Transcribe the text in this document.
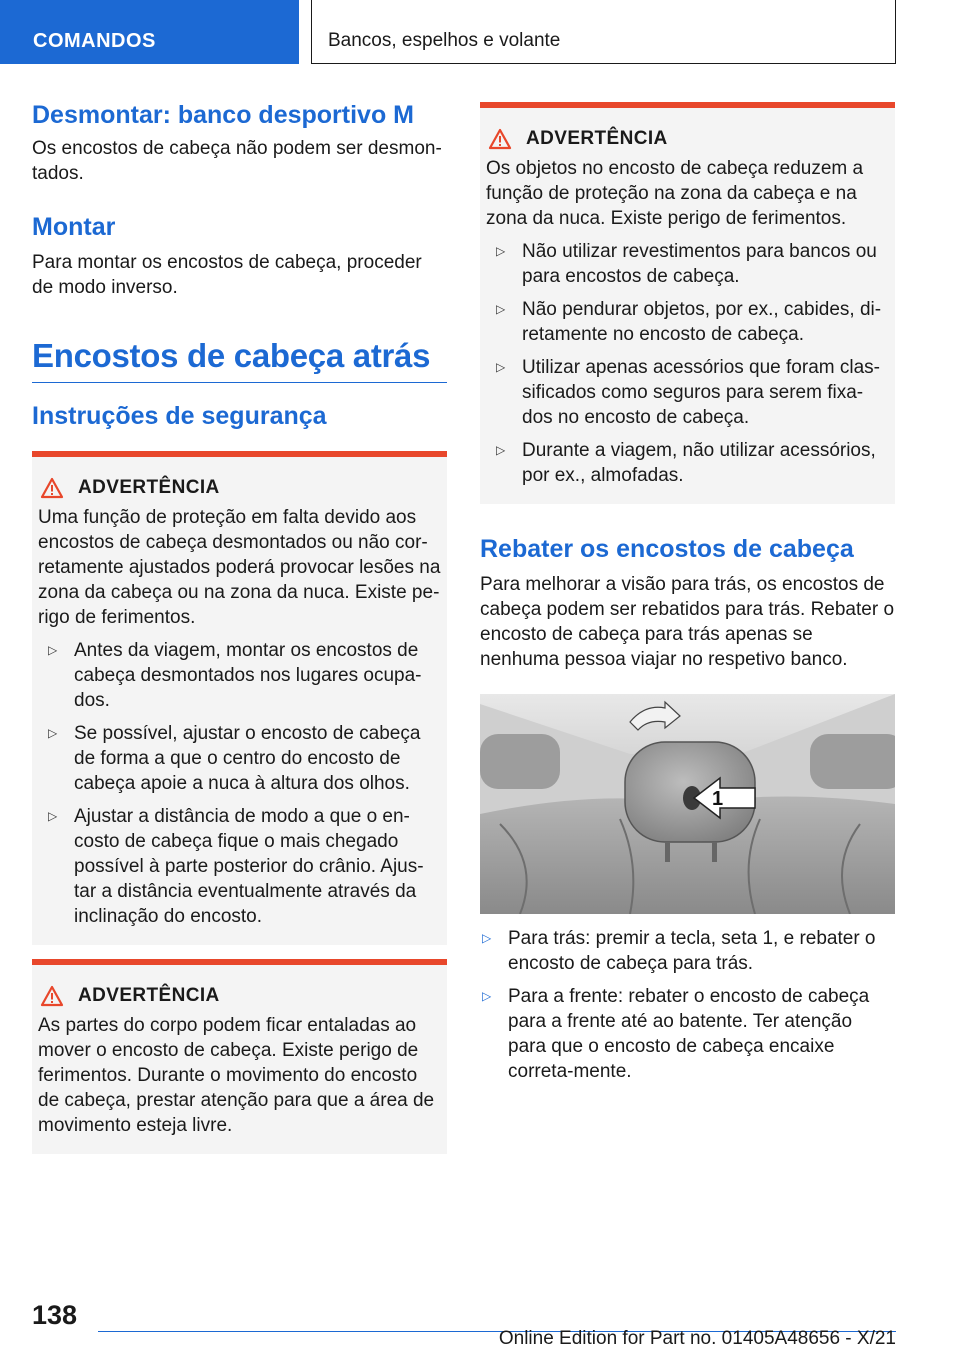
COMANDOS	Bancos, espelhos e volante
Desmontar: banco desportivo M

Os encostos de cabeça não podem ser desmon-tados.

Montar

Para montar os encostos de cabeça, proceder de modo inverso.

Encostos de cabeça atrás
Instruções de segurança
ADVERTÊNCIA

Uma função de proteção em falta devido aos encostos de cabeça desmontados ou não cor-retamente ajustados poderá provocar lesões na zona da cabeça ou na zona da nuca. Existe pe-rigo de ferimentos.

▷ Antes da viagem, montar os encostos de cabeça desmontados nos lugares ocupa-dos.
▷ Se possível, ajustar o encosto de cabeça de forma a que o centro do encosto de cabeça apoie a nuca à altura dos olhos.
▷ Ajustar a distância de modo a que o en-costo de cabeça fique o mais chegado possível à parte posterior do crânio. Ajus-tar a distância eventualmente através da inclinação do encosto.
ADVERTÊNCIA

As partes do corpo podem ficar entaladas ao mover o encosto de cabeça. Existe perigo de ferimentos. Durante o movimento do encosto de cabeça, prestar atenção para que a área de movimento esteja livre.

ADVERTÊNCIA

Os objetos no encosto de cabeça reduzem a função de proteção na zona da cabeça e na zona da nuca. Existe perigo de ferimentos.

▷ Não utilizar revestimentos para bancos ou para encostos de cabeça.
▷ Não pendurar objetos, por ex., cabides, di-retamente no encosto de cabeça.
▷ Utilizar apenas acessórios que foram clas-sificados como seguros para serem fixa-dos no encosto de cabeça.
▷ Durante a viagem, não utilizar acessórios, por ex., almofadas.
Rebater os encostos de cabeça

Para melhorar a visão para trás, os encostos de cabeça podem ser rebatidos para trás. Rebater o encosto de cabeça para trás apenas se nenhuma pessoa viajar no respetivo banco.

1
▷ Para trás: premir a tecla, seta 1, e rebater o encosto de cabeça para trás.
▷ Para a frente: rebater o encosto de cabeça para a frente até ao batente. Ter atenção para que o encosto de cabeça encaixe correta-mente.
138
Online Edition for Part no. 01405A48656 - X/21
